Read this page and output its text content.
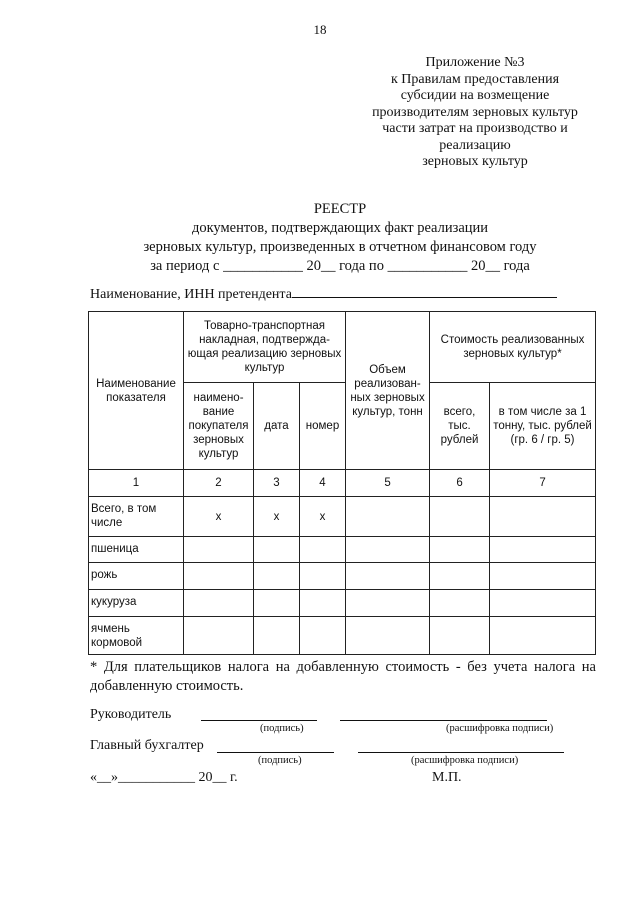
18
Приложение №3
к Правилам предоставления
субсидии на возмещение
производителям зерновых культур
части затрат на производство и
реализацию
зерновых культур
РЕЕСТР
документов, подтверждающих факт реализации
зерновых культур, произведенных в отчетном финансовом году
за период с ___________ 20__ года по ___________ 20__ года
Наименование, ИНН претендента
Наименование показателя	Товарно-транспортная накладная, подтвержда-ющая реализацию зерновых культур			Объем реализован-ных зерновых культур, тонн	Стоимость реализованных зерновых культур*	
	наимено-вание покупателя зерновых культур	дата	номер		всего, тыс. рублей	в том числе за 1 тонну, тыс. рублей (гр. 6 / гр. 5)
1	2	3	4	5	6	7
Всего, в том числе	х	х	х			
пшеница						
рожь						
кукуруза						
ячмень кормовой						
* Для плательщиков налога на добавленную стоимость - без учета налога на добавленную стоимость.
Руководитель
(подпись)	(расшифровка подписи)
Главный бухгалтер
(подпись)	(расшифровка подписи)
«__»___________ 20__ г.	М.П.
